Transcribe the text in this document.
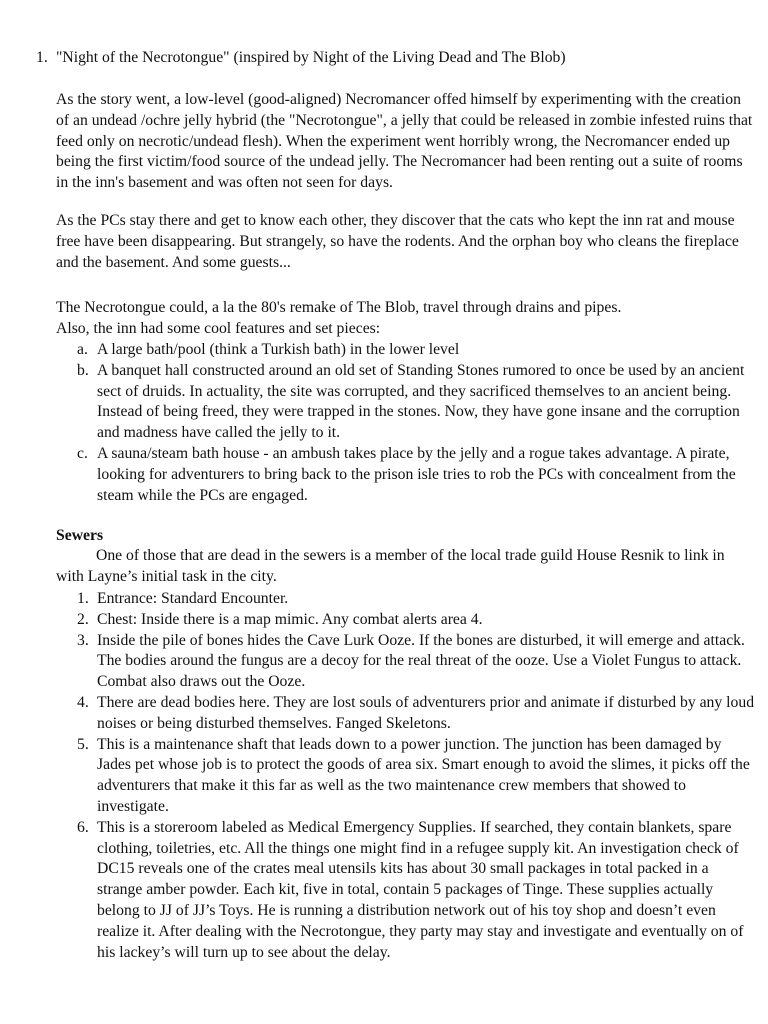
1. "Night of the Necrotongue" (inspired by Night of the Living Dead and The Blob)

As the story went, a low-level (good-aligned) Necromancer offed himself by experimenting with the creation of an undead /ochre jelly hybrid (the "Necrotongue", a jelly that could be released in zombie infested ruins that feed only on necrotic/undead flesh). When the experiment went horribly wrong, the Necromancer ended up being the first victim/food source of the undead jelly. The Necromancer had been renting out a suite of rooms in the inn's basement and was often not seen for days.

As the PCs stay there and get to know each other, they discover that the cats who kept the inn rat and mouse free have been disappearing. But strangely, so have the rodents. And the orphan boy who cleans the fireplace and the basement. And some guests...

The Necrotongue could, a la the 80's remake of The Blob, travel through drains and pipes.
Also, the inn had some cool features and set pieces:
a. A large bath/pool (think a Turkish bath) in the lower level
b. A banquet hall constructed around an old set of Standing Stones rumored to once be used by an ancient sect of druids. In actuality, the site was corrupted, and they sacrificed themselves to an ancient being. Instead of being freed, they were trapped in the stones. Now, they have gone insane and the corruption and madness have called the jelly to it.
c. A sauna/steam bath house - an ambush takes place by the jelly and a rogue takes advantage. A pirate, looking for adventurers to bring back to the prison isle tries to rob the PCs with concealment from the steam while the PCs are engaged.
Sewers

One of those that are dead in the sewers is a member of the local trade guild House Resnik to link in with Layne’s initial task in the city.

1. Entrance: Standard Encounter.
2. Chest: Inside there is a map mimic. Any combat alerts area 4.
3. Inside the pile of bones hides the Cave Lurk Ooze. If the bones are disturbed, it will emerge and attack. The bodies around the fungus are a decoy for the real threat of the ooze. Use a Violet Fungus to attack. Combat also draws out the Ooze.
4. There are dead bodies here. They are lost souls of adventurers prior and animate if disturbed by any loud noises or being disturbed themselves. Fanged Skeletons.
5. This is a maintenance shaft that leads down to a power junction. The junction has been damaged by Jades pet whose job is to protect the goods of area six. Smart enough to avoid the slimes, it picks off the adventurers that make it this far as well as the two maintenance crew members that showed to investigate.
6. This is a storeroom labeled as Medical Emergency Supplies. If searched, they contain blankets, spare clothing, toiletries, etc. All the things one might find in a refugee supply kit. An investigation check of DC15 reveals one of the crates meal utensils kits has about 30 small packages in total packed in a strange amber powder. Each kit, five in total, contain 5 packages of Tinge. These supplies actually belong to JJ of JJ’s Toys. He is running a distribution network out of his toy shop and doesn’t even realize it. After dealing with the Necrotongue, they party may stay and investigate and eventually on of his lackey’s will turn up to see about the delay.
